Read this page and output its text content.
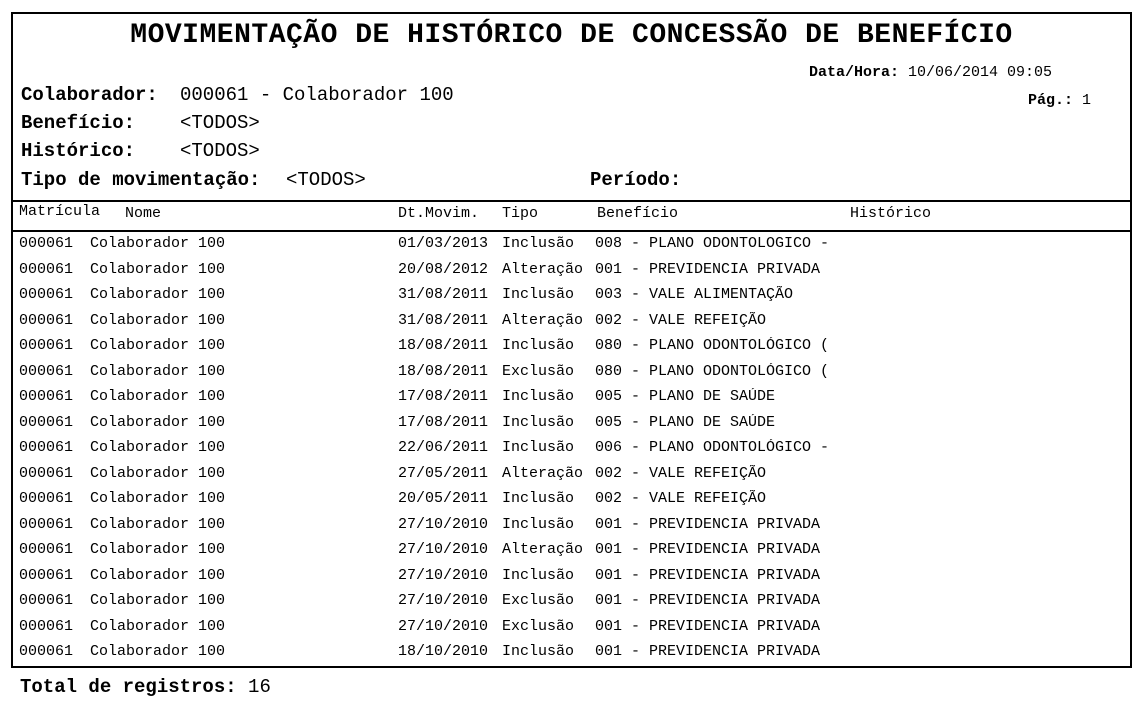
MOVIMENTAÇÃO DE HISTÓRICO DE CONCESSÃO DE BENEFÍCIO
Data/Hora: 10/06/2014 09:05
Pág.: 1
Colaborador: 000061 - Colaborador 100
Benefício: <TODOS>
Histórico: <TODOS>
Tipo de movimentação: <TODOS>	Período:
Matrícula Nome	Dt.Movim. Tipo	Benefício	Histórico
000061	Colaborador 100	01/03/2013 Inclusão	008 - PLANO ODONTOLOGICO -
000061	Colaborador 100	20/08/2012 Alteração 001 - PREVIDENCIA PRIVADA
000061	Colaborador 100	31/08/2011 Inclusão	003 - VALE ALIMENTAÇÃO
000061	Colaborador 100	31/08/2011 Alteração 002 - VALE REFEIÇÃO
000061	Colaborador 100	18/08/2011 Inclusão	080 - PLANO ODONTOLÓGICO (
000061	Colaborador 100	18/08/2011 Exclusão	080 - PLANO ODONTOLÓGICO (
000061	Colaborador 100	17/08/2011 Inclusão	005 - PLANO DE SAÚDE
000061	Colaborador 100	17/08/2011 Inclusão	005 - PLANO DE SAÚDE
000061	Colaborador 100	22/06/2011 Inclusão	006 - PLANO ODONTOLÓGICO -
000061	Colaborador 100	27/05/2011 Alteração 002 - VALE REFEIÇÃO
000061	Colaborador 100	20/05/2011 Inclusão	002 - VALE REFEIÇÃO
000061	Colaborador 100	27/10/2010 Inclusão	001 - PREVIDENCIA PRIVADA
000061	Colaborador 100	27/10/2010 Alteração 001 - PREVIDENCIA PRIVADA
000061	Colaborador 100	27/10/2010 Inclusão	001 - PREVIDENCIA PRIVADA
000061	Colaborador 100	27/10/2010 Exclusão	001 - PREVIDENCIA PRIVADA
000061	Colaborador 100	27/10/2010 Exclusão	001 - PREVIDENCIA PRIVADA
000061	Colaborador 100	18/10/2010 Inclusão	001 - PREVIDENCIA PRIVADA
Total de registros: 16
